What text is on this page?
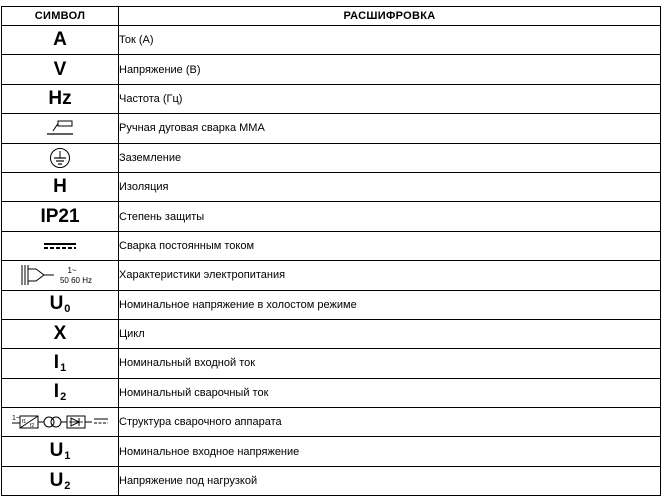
СИМВОЛ	РАСШИФРОВКА
A	Ток (А)
V	Напряжение (В)
Hz	Частота (Гц)
	Ручная дуговая сварка ММА
	Заземление
H	Изоляция
IP21	Степень защиты
	Сварка постоянным током

1~
50 60 Hz	Характеристики электропитания
$U_0$	Номинальное напряжение в холостом режиме
X	Цикл
$I_1$	Номинальный входной ток
$I_2$	Номинальный сварочный ток

1~ f1
f2	Структура сварочного аппарата
$U_1$	Номинальное входное напряжение
$U_2$	Напряжение под нагрузкой
